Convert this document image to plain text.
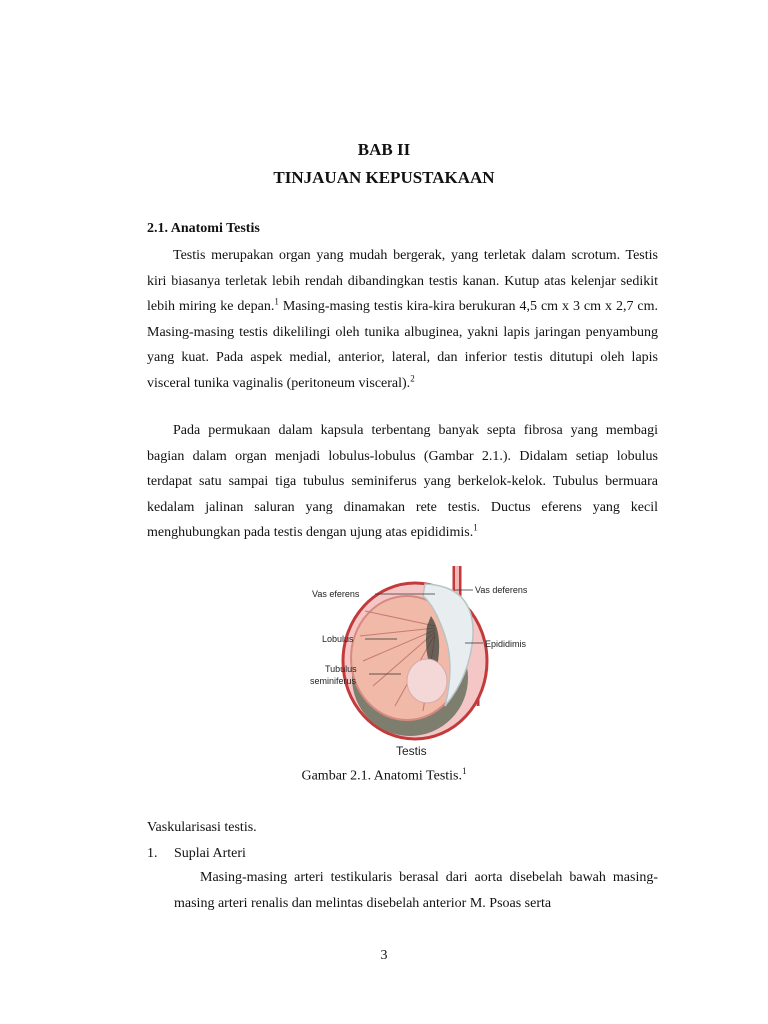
BAB II
TINJAUAN KEPUSTAKAAN
2.1. Anatomi Testis

Testis merupakan organ yang mudah bergerak, yang terletak dalam scrotum. Testis kiri biasanya terletak lebih rendah dibandingkan testis kanan. Kutup atas kelenjar sedikit lebih miring ke depan.$^1$ Masing-masing testis kira-kira berukuran 4,5 cm x 3 cm x 2,7 cm. Masing-masing testis dikelilingi oleh tunika albuginea, yakni lapis jaringan penyambung yang kuat. Pada aspek medial, anterior, lateral, dan inferior testis ditutupi oleh lapis visceral tunika vaginalis (peritoneum visceral).$^2$

Pada permukaan dalam kapsula terbentang banyak septa fibrosa yang membagi bagian dalam organ menjadi lobulus-lobulus (Gambar 2.1.). Didalam setiap lobulus terdapat satu sampai tiga tubulus seminiferus yang berkelok-kelok. Tubulus bermuara kedalam jalinan saluran yang dinamakan rete testis. Ductus eferens yang kecil menghubungkan pada testis dengan ujung atas epididimis.$^1$

Vas eferens	Vas deferens
Lobulus	Epididimis
Tubulus
seminiferus
Testis
Gambar 2.1. Anatomi Testis.$^1$
Vaskularisasi testis.
1. Suplai Arteri

Masing-masing arteri testikularis berasal dari aorta disebelah bawah masing-masing arteri renalis dan melintas disebelah anterior M. Psoas serta

3
